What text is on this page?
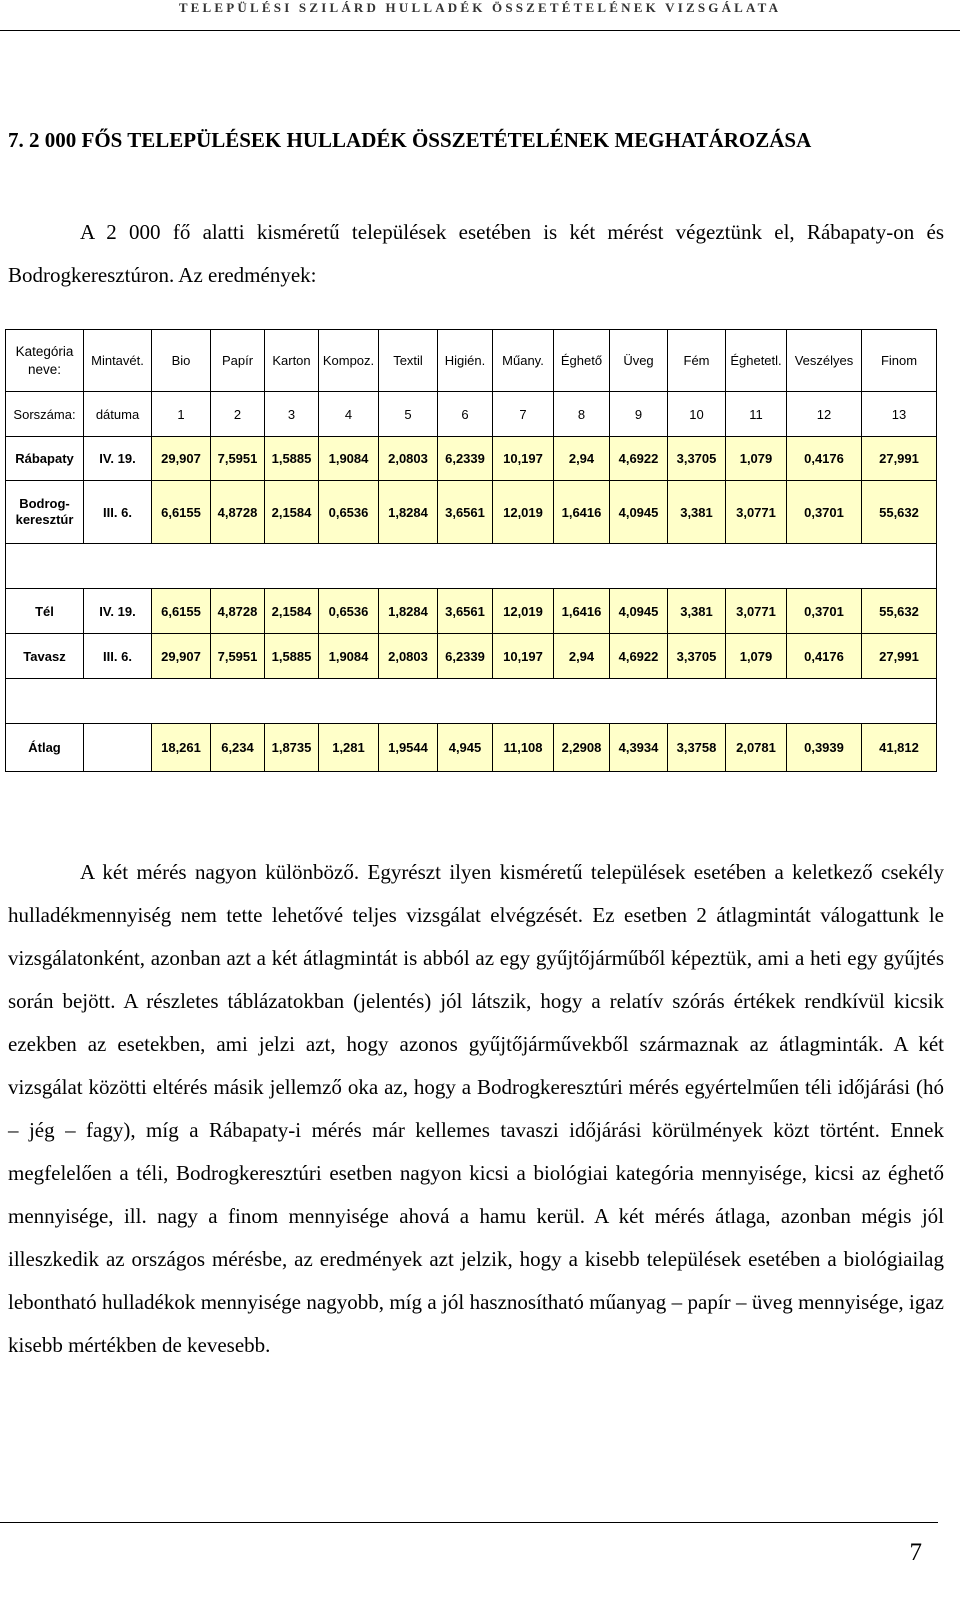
TELEPÜLÉSI SZILÁRD HULLADÉK ÖSSZETÉTELÉNEK VIZSGÁLATA
7. 2 000 FŐS TELEPÜLÉSEK HULLADÉK ÖSSZETÉTELÉNEK MEGHATÁROZÁSA
A 2 000 fő alatti kisméretű települések esetében is két mérést végeztünk el, Rábapaty-on és Bodrogkeresztúron. Az eredmények:
Kategória neve:	Mintavét.	Bio	Papír	Karton	Kompoz.	Textil	Higién.	Műany.	Éghető	Üveg	Fém	Éghetetl.	Veszélyes	Finom
Sorszáma:	dátuma	1	2	3	4	5	6	7	8	9	10	11	12	13
Rábapaty	IV. 19.	29,907	7,5951	1,5885	1,9084	2,0803	6,2339	10,197	2,94	4,6922	3,3705	1,079	0,4176	27,991
Bodrog-keresztúr	III. 6.	6,6155	4,8728	2,1584	0,6536	1,8284	3,6561	12,019	1,6416	4,0945	3,381	3,0771	0,3701	55,632

Tél	IV. 19.	6,6155	4,8728	2,1584	0,6536	1,8284	3,6561	12,019	1,6416	4,0945	3,381	3,0771	0,3701	55,632
Tavasz	III. 6.	29,907	7,5951	1,5885	1,9084	2,0803	6,2339	10,197	2,94	4,6922	3,3705	1,079	0,4176	27,991

Átlag		18,261	6,234	1,8735	1,281	1,9544	4,945	11,108	2,2908	4,3934	3,3758	2,0781	0,3939	41,812
A két mérés nagyon különböző. Egyrészt ilyen kisméretű települések esetében a keletkező csekély hulladékmennyiség nem tette lehetővé teljes vizsgálat elvégzését. Ez esetben 2 átlagmintát válogattunk le vizsgálatonként, azonban azt a két átlagmintát is abból az egy gyűjtőjárműből képeztük, ami a heti egy gyűjtés során bejött. A részletes táblázatokban (jelentés) jól látszik, hogy a relatív szórás értékek rendkívül kicsik ezekben az esetekben, ami jelzi azt, hogy azonos gyűjtőjárművekből származnak az átlagminták. A két vizsgálat közötti eltérés másik jellemző oka az, hogy a Bodrogkeresztúri mérés egyértelműen téli időjárási (hó – jég – fagy), míg a Rábapaty-i mérés már kellemes tavaszi időjárási körülmények közt történt. Ennek megfelelően a téli, Bodrogkeresztúri esetben nagyon kicsi a biológiai kategória mennyisége, kicsi az éghető mennyisége, ill. nagy a finom mennyisége ahová a hamu kerül. A két mérés átlaga, azonban mégis jól illeszkedik az országos mérésbe, az eredmények azt jelzik, hogy a kisebb települések esetében a biológiailag lebontható hulladékok mennyisége nagyobb, míg a jól hasznosítható műanyag – papír – üveg mennyisége, igaz kisebb mértékben de kevesebb.
7
